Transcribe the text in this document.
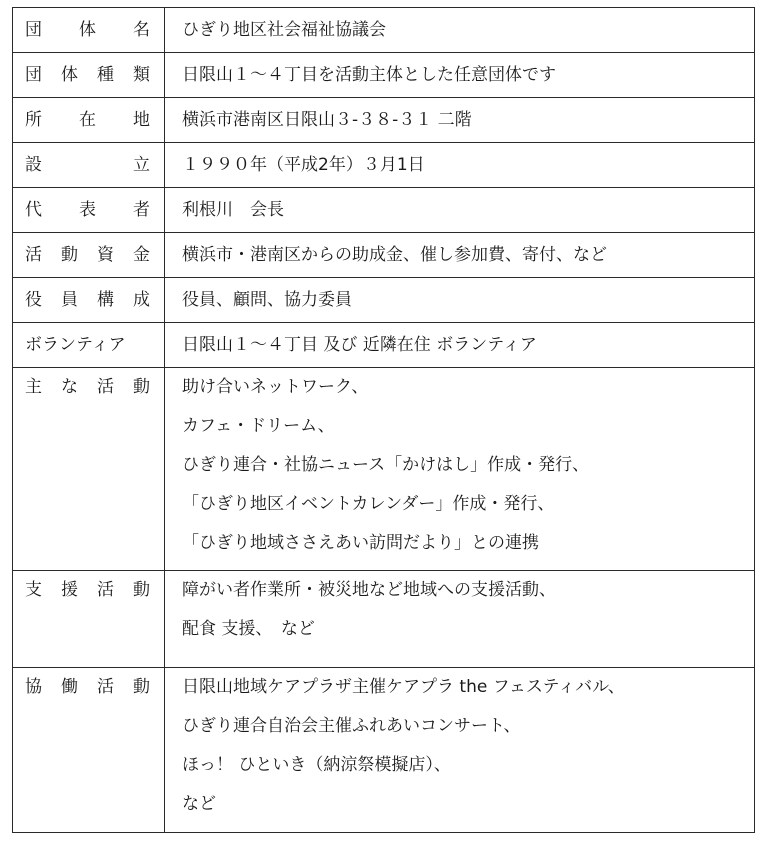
団 体 名	ひぎり地区社会福祉協議会

団 体 種 類	日限山１～４丁目を活動主体とした任意団体です

所 在 地	横浜市港南区日限山３-３８-３１ 二階

設 立	１９９０年（平成2年）３月1日

代 表 者	利根川　会長

活 動 資 金	横浜市・港南区からの助成金、催し参加費、寄付、など

役 員 構 成	役員、顧問、協力委員

ボランティア	日限山１～４丁目 及び 近隣在住 ボランティア

主 な 活 動	助け合いネットワーク、
カフェ・ドリーム、
ひぎり連合・社協ニュース「かけはし」作成・発行、
「ひぎり地区イベントカレンダー」作成・発行、
「ひぎり地域ささえあい訪問だより」との連携

支 援 活 動	障がい者作業所・被災地など地域への支援活動、
配食 支援、　など

協 働 活 動	日限山地域ケアプラザ主催ケアプラ the フェスティバル、
ひぎり連合自治会主催ふれあいコンサート、
ほっ！ ひといき（納涼祭模擬店）、
など
